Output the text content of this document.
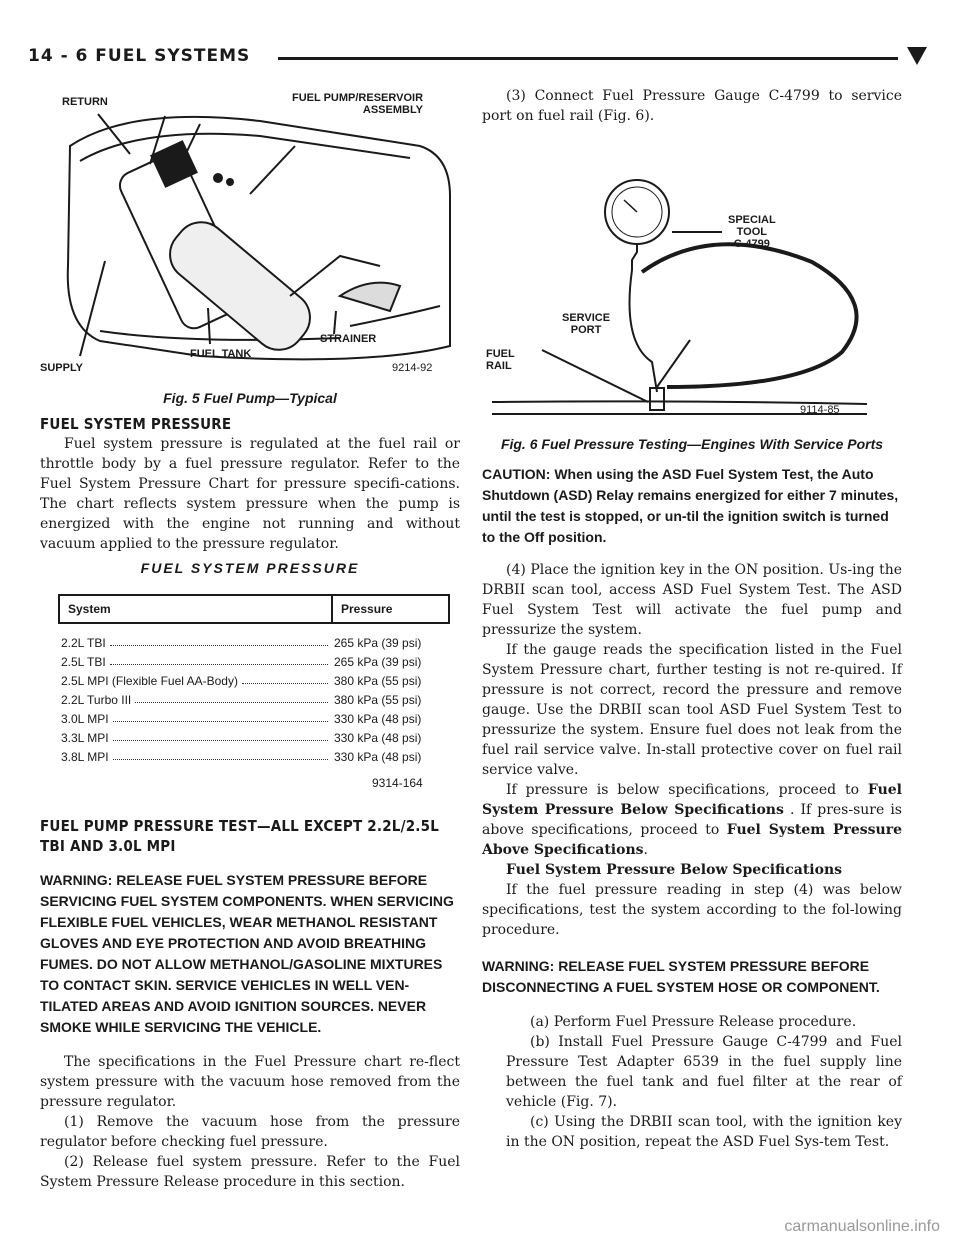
14 - 6 FUEL SYSTEMS
RETURN	FUEL PUMP/RESERVOIR
ASSEMBLY
STRAINER
FUEL TANK
SUPPLY	9214-92
Fig. 5 Fuel Pump—Typical
FUEL SYSTEM PRESSURE

Fuel system pressure is regulated at the fuel rail or throttle body by a fuel pressure regulator. Refer to the Fuel System Pressure Chart for pressure specifi-cations. The chart reflects system pressure when the pump is energized with the engine not running and without vacuum applied to the pressure regulator.

FUEL SYSTEM PRESSURE
System	Pressure

2.2L TBI	265 kPa (39 psi)

2.5L TBI	265 kPa (39 psi)

2.5L MPI (Flexible Fuel AA-Body)	380 kPa (55 psi)

2.2L Turbo III	380 kPa (55 psi)

3.0L MPI	330 kPa (48 psi)

3.3L MPI	330 kPa (48 psi)

3.8L MPI	330 kPa (48 psi)
9314-164
FUEL PUMP PRESSURE TEST—ALL EXCEPT 2.2L/2.5L TBI AND 3.0L MPI

WARNING: RELEASE FUEL SYSTEM PRESSURE BEFORE SERVICING FUEL SYSTEM COMPONENTS. WHEN SERVICING FLEXIBLE FUEL VEHICLES, WEAR METHANOL RESISTANT GLOVES AND EYE PROTECTION AND AVOID BREATHING FUMES. DO NOT ALLOW METHANOL/GASOLINE MIXTURES TO CONTACT SKIN. SERVICE VEHICLES IN WELL VEN-TILATED AREAS AND AVOID IGNITION SOURCES. NEVER SMOKE WHILE SERVICING THE VEHICLE.

The specifications in the Fuel Pressure chart re-flect system pressure with the vacuum hose removed from the pressure regulator.

(1) Remove the vacuum hose from the pressure regulator before checking fuel pressure.

(2) Release fuel system pressure. Refer to the Fuel System Pressure Release procedure in this section.

(3) Connect Fuel Pressure Gauge C-4799 to service port on fuel rail (Fig. 6).

SPECIAL
TOOL
C-4799
SERVICE
PORT
FUEL
RAIL
9114-85
Fig. 6 Fuel Pressure Testing—Engines With Service Ports

CAUTION: When using the ASD Fuel System Test, the Auto Shutdown (ASD) Relay remains energized for either 7 minutes, until the test is stopped, or un-til the ignition switch is turned to the Off position.

(4) Place the ignition key in the ON position. Us-ing the DRBII scan tool, access ASD Fuel System Test. The ASD Fuel System Test will activate the fuel pump and pressurize the system.

If the gauge reads the specification listed in the Fuel System Pressure chart, further testing is not re-quired. If pressure is not correct, record the pressure and remove gauge. Use the DRBII scan tool ASD Fuel System Test to pressurize the system. Ensure fuel does not leak from the fuel rail service valve. In-stall protective cover on fuel rail service valve.

If pressure is below specifications, proceed to Fuel System Pressure Below Specifications . If pres-sure is above specifications, proceed to Fuel System Pressure Above Specifications.

Fuel System Pressure Below Specifications

If the fuel pressure reading in step (4) was below specifications, test the system according to the fol-lowing procedure.

WARNING: RELEASE FUEL SYSTEM PRESSURE BEFORE DISCONNECTING A FUEL SYSTEM HOSE OR COMPONENT.

(a) Perform Fuel Pressure Release procedure.

(b) Install Fuel Pressure Gauge C-4799 and Fuel Pressure Test Adapter 6539 in the fuel supply line between the fuel tank and fuel filter at the rear of vehicle (Fig. 7).

(c) Using the DRBII scan tool, with the ignition key in the ON position, repeat the ASD Fuel Sys-tem Test.

carmanualsonline.info
